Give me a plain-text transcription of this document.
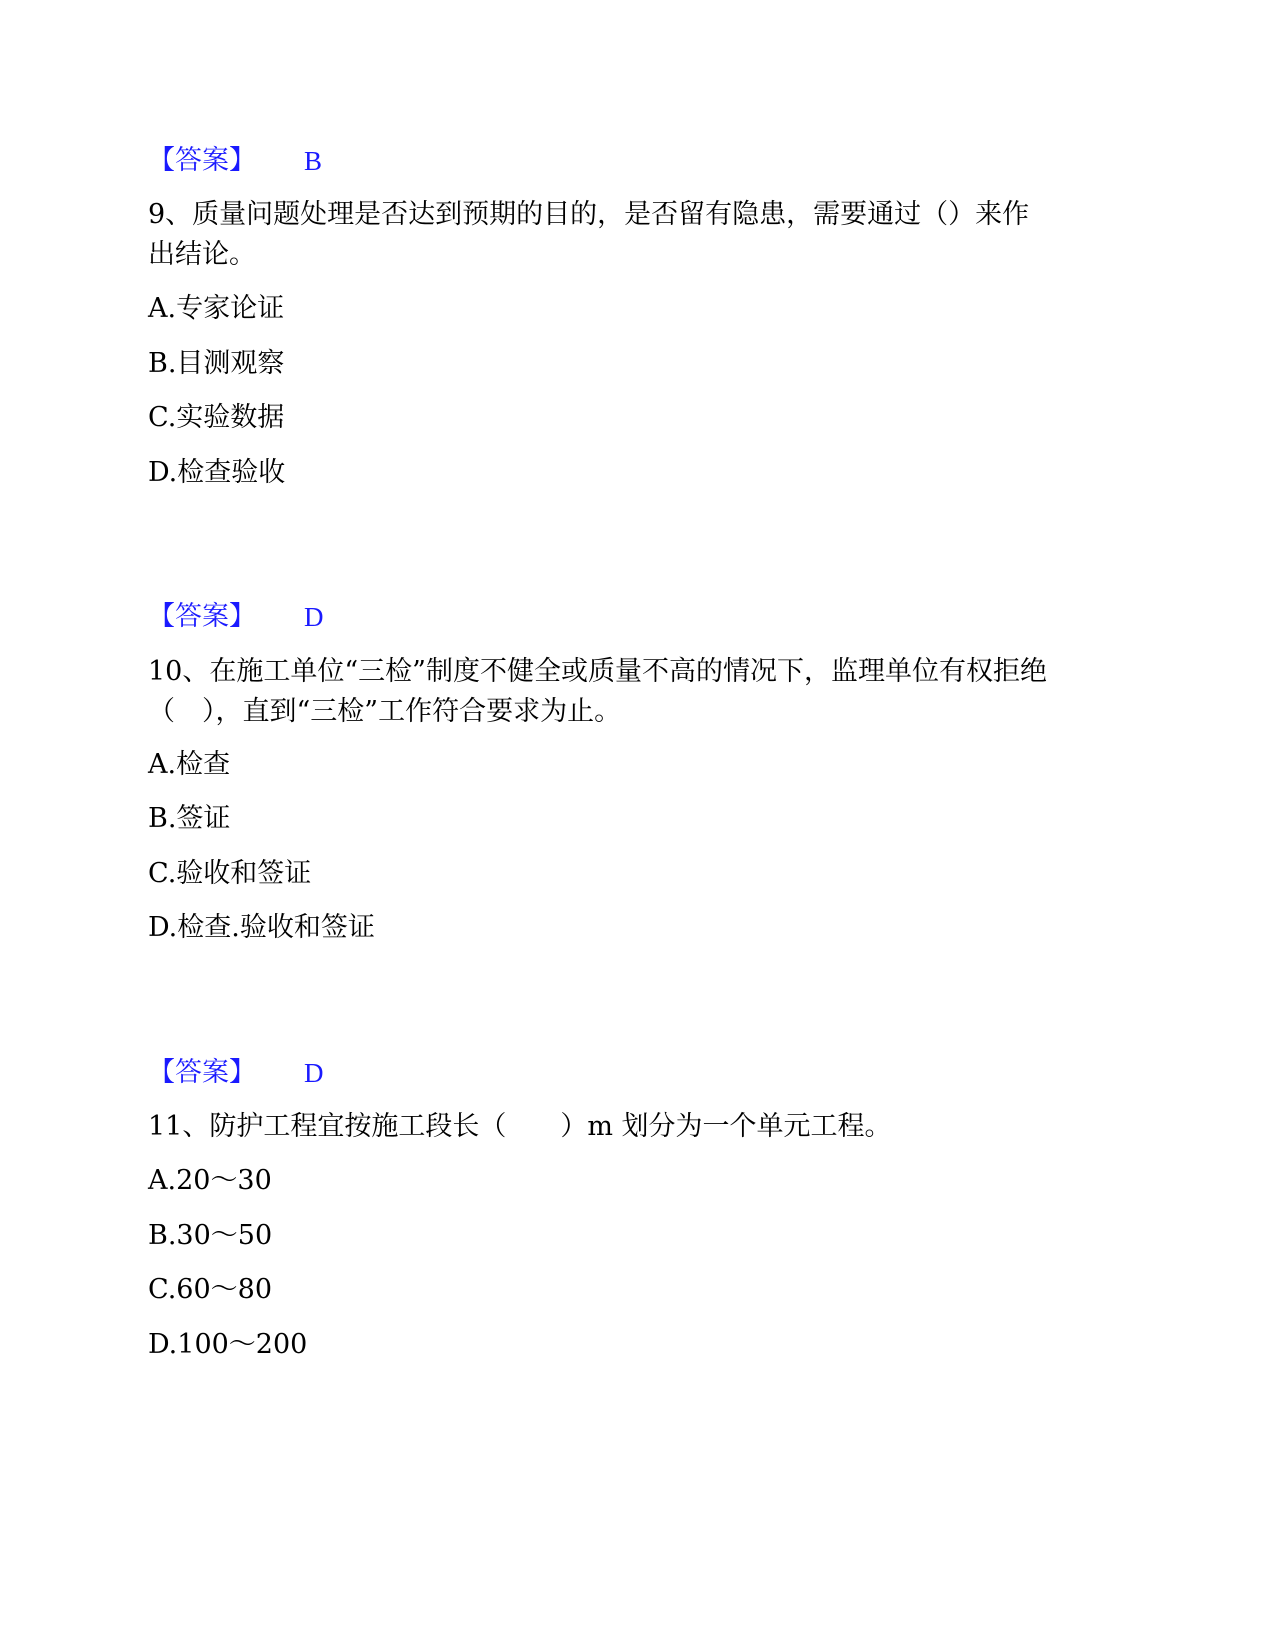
【答案】 B
9、质量问题处理是否达到预期的目的，是否留有隐患，需要通过（）来作
出结论。
A.专家论证
B.目测观察
C.实验数据
D.检查验收
【答案】 D
10、在施工单位“三检”制度不健全或质量不高的情况下，监理单位有权拒绝
（　），直到“三检”工作符合要求为止。
A.检查
B.签证
C.验收和签证
D.检查.验收和签证
【答案】 D
11、防护工程宜按施工段长（　　）m 划分为一个单元工程。
A.20～30
B.30～50
C.60～80
D.100～200
